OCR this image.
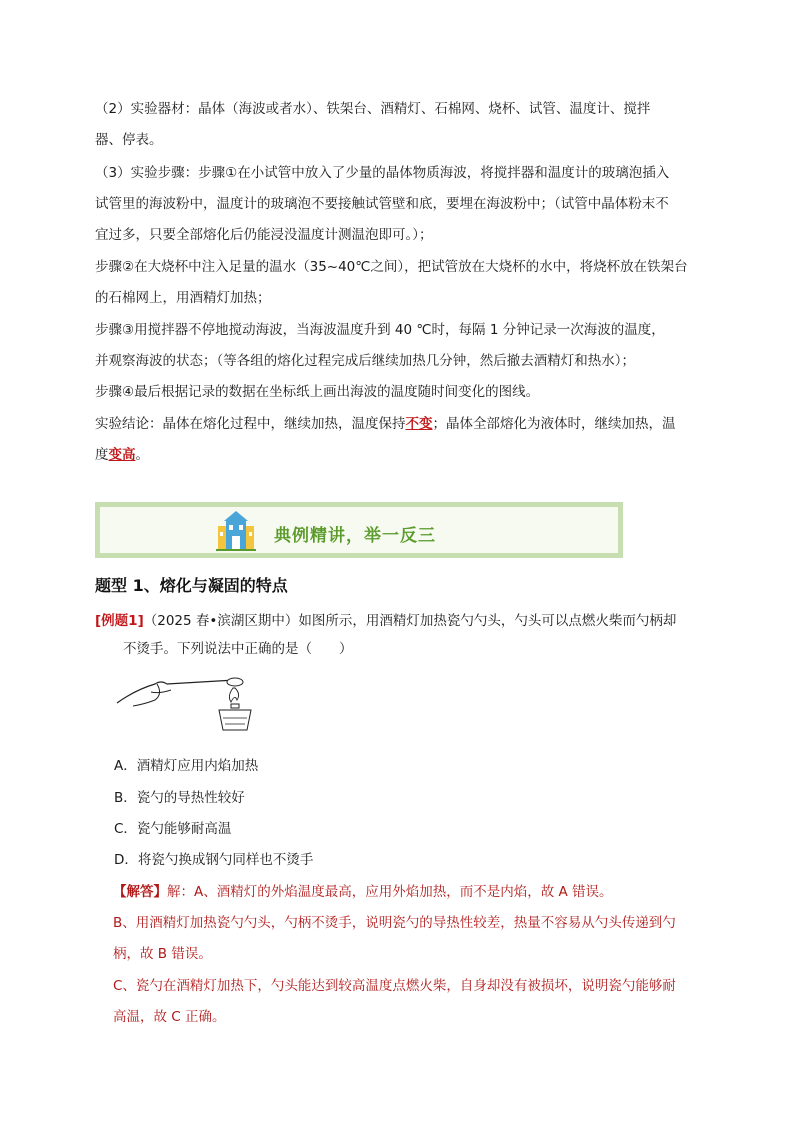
（2）实验器材：晶体（海波或者水）、铁架台、酒精灯、石棉网、烧杯、试管、温度计、搅拌
器、停表。
（3）实验步骤：步骤①在小试管中放入了少量的晶体物质海波，将搅拌器和温度计的玻璃泡插入
试管里的海波粉中，温度计的玻璃泡不要接触试管壁和底，要埋在海波粉中；（试管中晶体粉末不
宜过多，只要全部熔化后仍能浸没温度计测温泡即可。）；
步骤②在大烧杯中注入足量的温水（35~40℃之间），把试管放在大烧杯的水中，将烧杯放在铁架台
的石棉网上，用酒精灯加热；
步骤③用搅拌器不停地搅动海波，当海波温度升到 40 ℃时，每隔 1 分钟记录一次海波的温度，
并观察海波的状态；（等各组的熔化过程完成后继续加热几分钟，然后撤去酒精灯和热水）；
步骤④最后根据记录的数据在坐标纸上画出海波的温度随时间变化的图线。
实验结论：晶体在熔化过程中，继续加热，温度保持不变；晶体全部熔化为液体时，继续加热，温
度变高。
典例精讲，举一反三
题型 1、熔化与凝固的特点
[例题1]（2025 春•滨湖区期中）如图所示，用酒精灯加热瓷勺勺头，勺头可以点燃火柴而勺柄却
不烫手。下列说法中正确的是（　　）
A．酒精灯应用内焰加热
B．瓷勺的导热性较好
C．瓷勺能够耐高温
D．将瓷勺换成钢勺同样也不烫手
【解答】解：A、酒精灯的外焰温度最高，应用外焰加热，而不是内焰，故 A 错误。
B、用酒精灯加热瓷勺勺头，勺柄不烫手，说明瓷勺的导热性较差，热量不容易从勺头传递到勺
柄，故 B 错误。
C、瓷勺在酒精灯加热下，勺头能达到较高温度点燃火柴，自身却没有被损坏，说明瓷勺能够耐
高温，故 C 正确。
